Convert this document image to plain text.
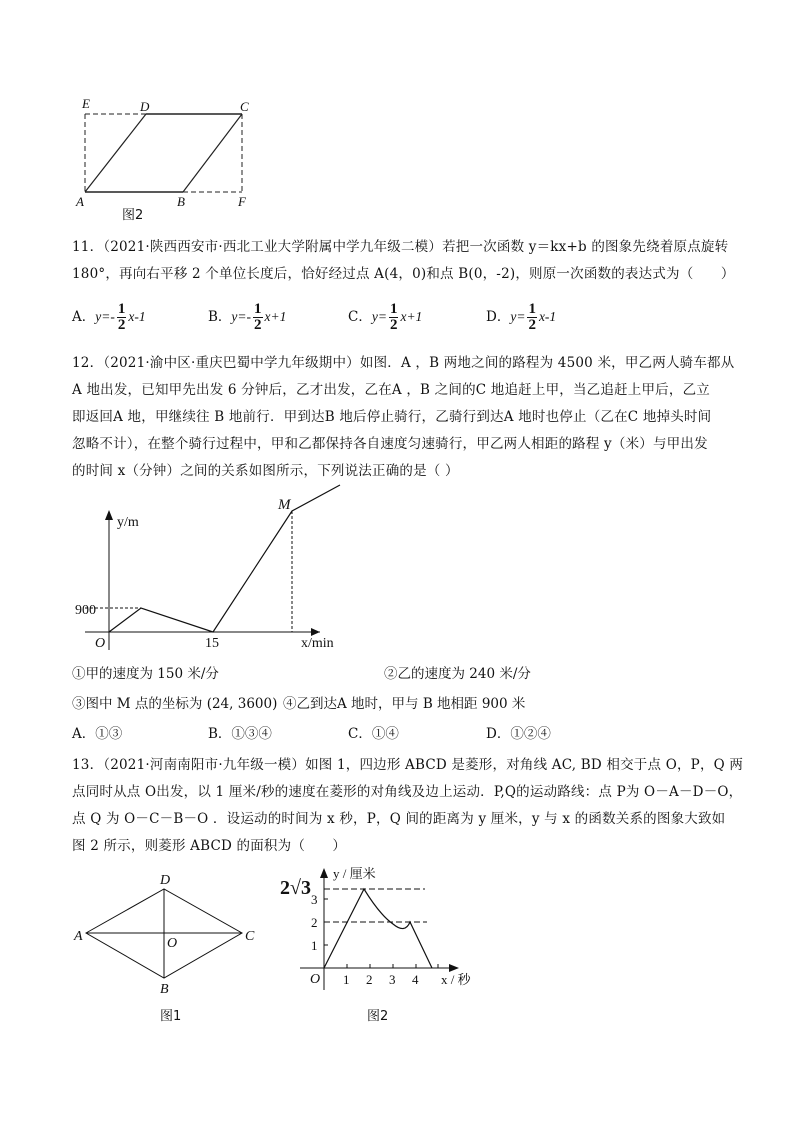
E	D	C
A	B	F
图2
11．（2021·陕西西安市·西北工业大学附属中学九年级二模）若把一次函数 y＝kx+b 的图象先绕着原点旋转
180°，再向右平移 2 个单位长度后，恰好经过点 A(4，0)和点 B(0，-2)，则原一次函数的表达式为（　　）
A．$y=- \frac{1}{2} x-1$	B．$y=- \frac{1}{2} x+1$	C．$y= \frac{1}{2} x+1$	D．$y= \frac{1}{2} x-1$
12．（2021·渝中区·重庆巴蜀中学九年级期中）如图．A ，B 两地之间的路程为 4500 米，甲乙两人骑车都从
A 地出发，已知甲先出发 6 分钟后，乙才出发，乙在A ，B 之间的C 地追赶上甲，当乙追赶上甲后，乙立
即返回A 地，甲继续往 B 地前行．甲到达B 地后停止骑行，乙骑行到达A 地时也停止（乙在C 地掉头时间
忽略不计），在整个骑行过程中，甲和乙都保持各自速度匀速骑行，甲乙两人相距的路程 y（米）与甲出发
的时间 x（分钟）之间的关系如图所示，下列说法正确的是（ ）
y/m
900
O	15	x/min
M
①甲的速度为 150 米/分	②乙的速度为 240 米/分
③图中 M 点的坐标为 (24, 3600) ④乙到达A 地时，甲与 B 地相距 900 米
A．①③	B．①③④	C．①④	D．①②④
13．（2021·河南南阳市·九年级一模）如图 1，四边形 ABCD 是菱形，对角线 AC, BD 相交于点 O，P，Q 两
点同时从点 O出发，以 1 厘米/秒的速度在菱形的对角线及边上运动．P,Q的运动路线：点 P为 O－A－D－O，
点 Q 为 O－C－B－O ．设运动的时间为 x 秒，P，Q 间的距离为 y 厘米，y 与 x 的函数关系的图象大致如
图 2 所示，则菱形 ABCD 的面积为（　　）
A
D
C
B
O
图1
y / 厘米
2√3
3
2
1
O 1 2 3 4 x / 秒
图2
